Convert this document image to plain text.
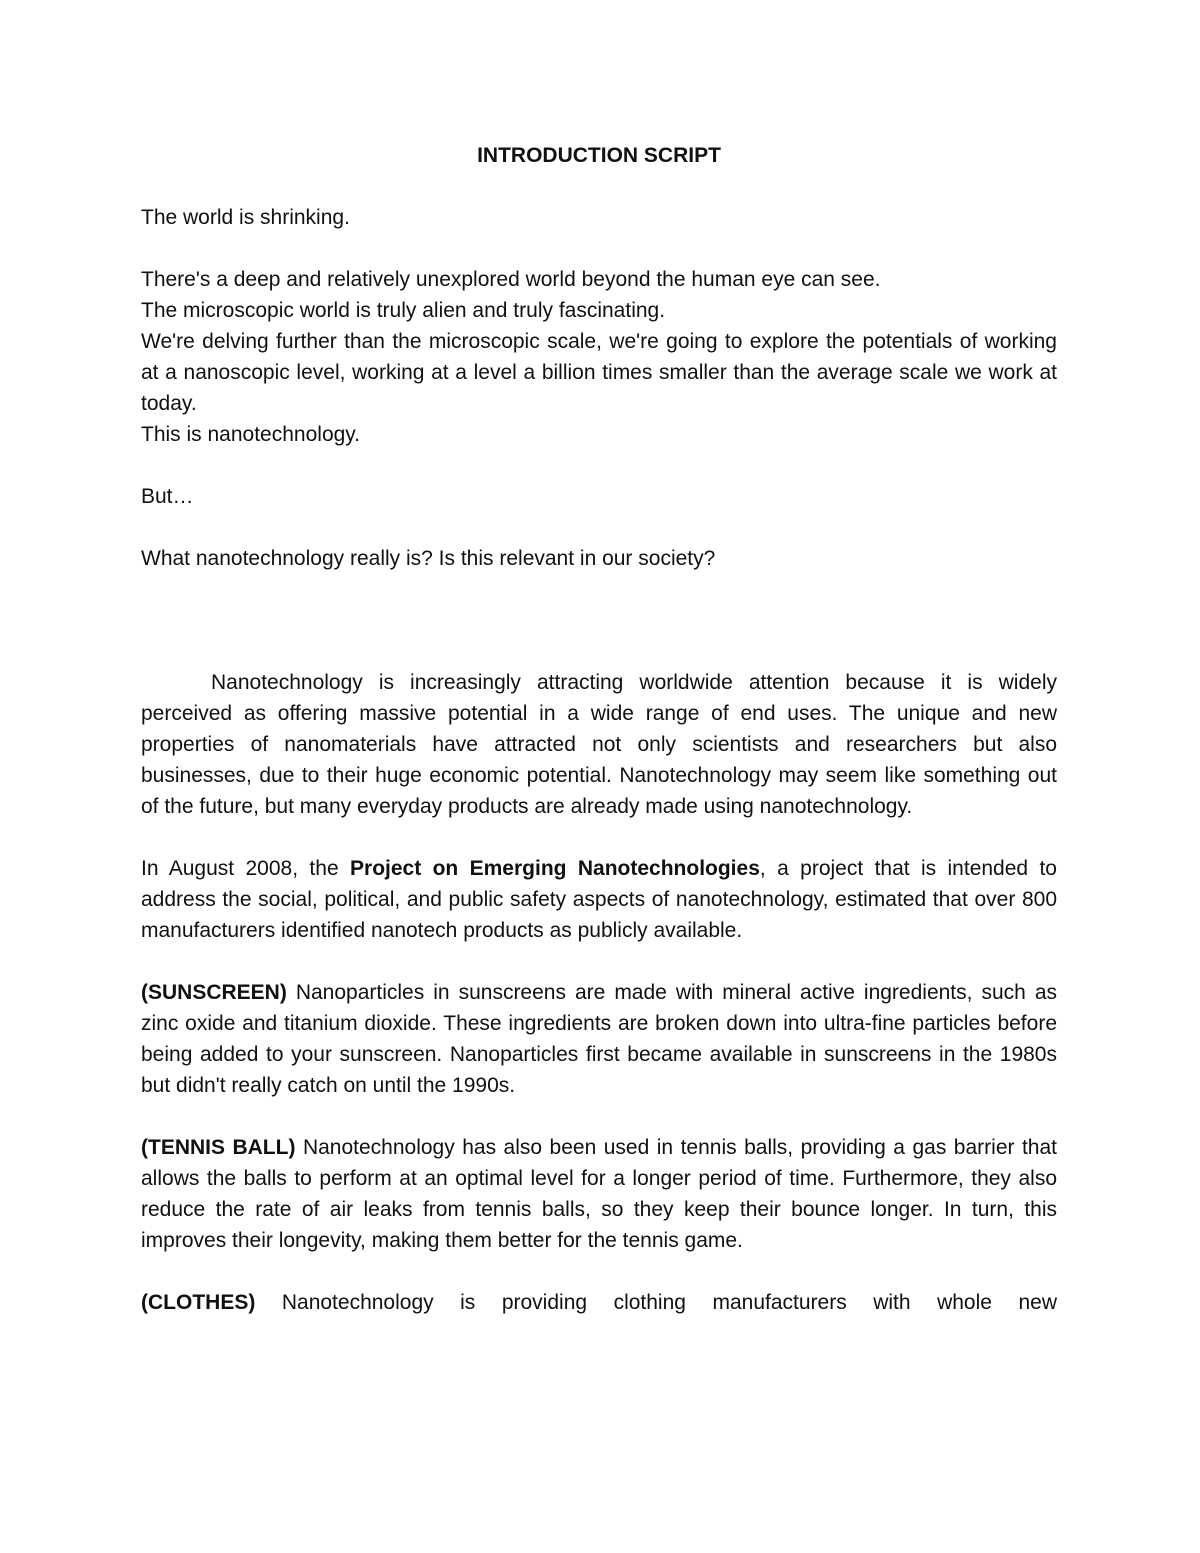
INTRODUCTION SCRIPT

The world is shrinking.

There's a deep and relatively unexplored world beyond the human eye can see.

The microscopic world is truly alien and truly fascinating.

We're delving further than the microscopic scale, we're going to explore the potentials of working at a nanoscopic level, working at a level a billion times smaller than the average scale we work at today.

This is nanotechnology.

But…

What nanotechnology really is? Is this relevant in our society?

Nanotechnology is increasingly attracting worldwide attention because it is widely perceived as offering massive potential in a wide range of end uses. The unique and new properties of nanomaterials have attracted not only scientists and researchers but also businesses, due to their huge economic potential. Nanotechnology may seem like something out of the future, but many everyday products are already made using nanotechnology.

In August 2008, the Project on Emerging Nanotechnologies, a project that is intended to address the social, political, and public safety aspects of nanotechnology, estimated that over 800 manufacturers identified nanotech products as publicly available.

(SUNSCREEN) Nanoparticles in sunscreens are made with mineral active ingredients, such as zinc oxide and titanium dioxide. These ingredients are broken down into ultra-fine particles before being added to your sunscreen. Nanoparticles first became available in sunscreens in the 1980s but didn't really catch on until the 1990s.

(TENNIS BALL) Nanotechnology has also been used in tennis balls, providing a gas barrier that allows the balls to perform at an optimal level for a longer period of time. Furthermore, they also reduce the rate of air leaks from tennis balls, so they keep their bounce longer. In turn, this improves their longevity, making them better for the tennis game.

(CLOTHES) Nanotechnology is providing clothing manufacturers with whole new
